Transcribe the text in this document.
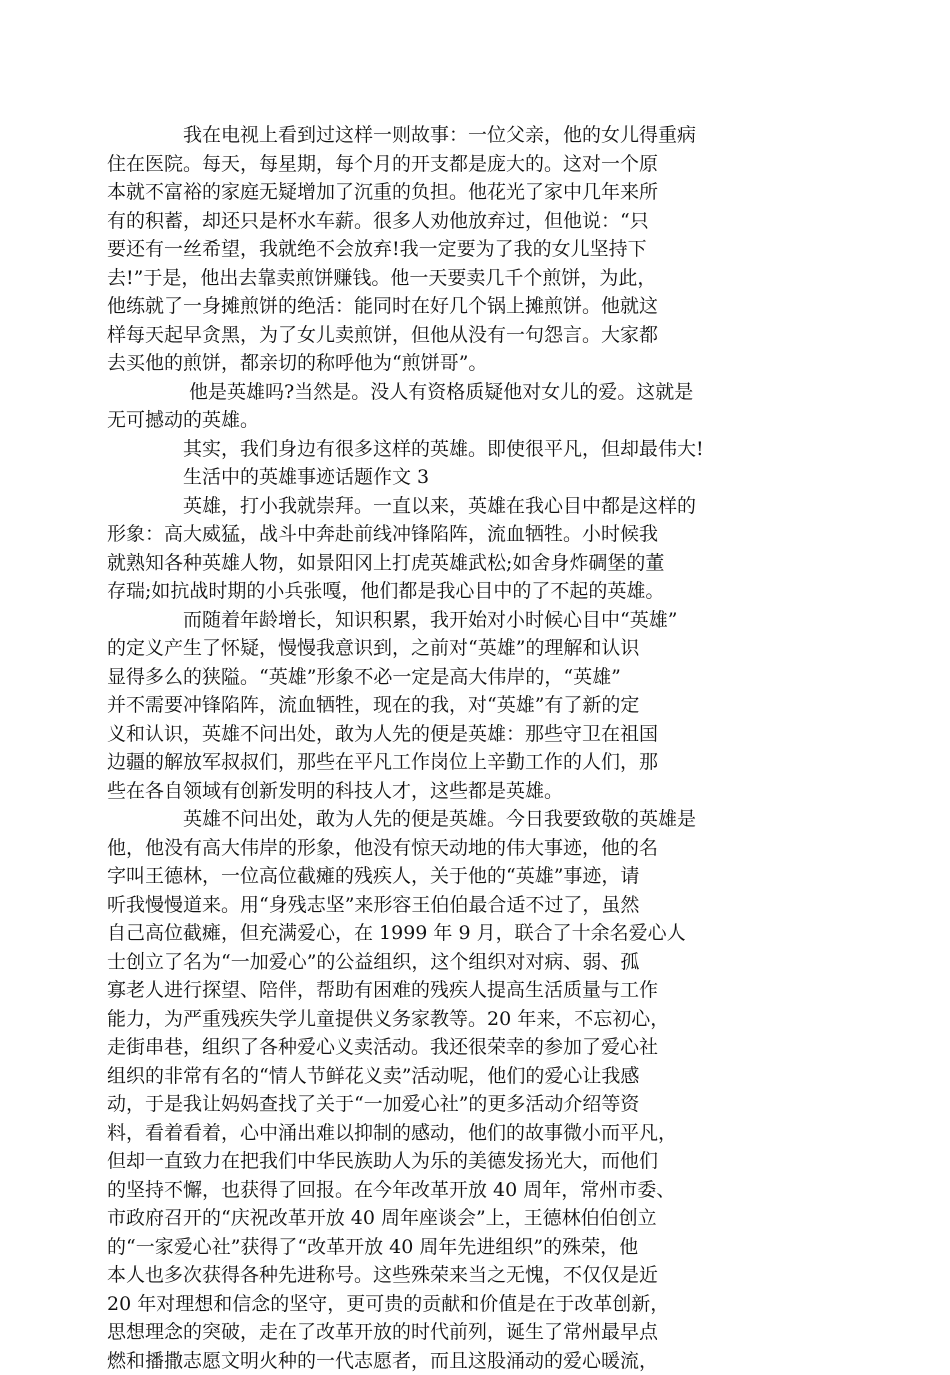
我在电视上看到过这样一则故事：一位父亲，他的女儿得重病
住在医院。每天，每星期，每个月的开支都是庞大的。这对一个原
本就不富裕的家庭无疑增加了沉重的负担。他花光了家中几年来所
有的积蓄，却还只是杯水车薪。很多人劝他放弃过，但他说：“只
要还有一丝希望，我就绝不会放弃!我一定要为了我的女儿坚持下
去!”于是，他出去靠卖煎饼赚钱。他一天要卖几千个煎饼，为此，
他练就了一身摊煎饼的绝活：能同时在好几个锅上摊煎饼。他就这
样每天起早贪黑，为了女儿卖煎饼，但他从没有一句怨言。大家都
去买他的煎饼，都亲切的称呼他为“煎饼哥”。
他是英雄吗?当然是。没人有资格质疑他对女儿的爱。这就是
无可撼动的英雄。
其实，我们身边有很多这样的英雄。即使很平凡，但却最伟大!
生活中的英雄事迹话题作文 3
英雄，打小我就崇拜。一直以来，英雄在我心目中都是这样的
形象：高大威猛，战斗中奔赴前线冲锋陷阵，流血牺牲。小时候我
就熟知各种英雄人物，如景阳冈上打虎英雄武松;如舍身炸碉堡的董
存瑞;如抗战时期的小兵张嘎，他们都是我心目中的了不起的英雄。
而随着年龄增长，知识积累，我开始对小时候心目中“英雄”
的定义产生了怀疑，慢慢我意识到，之前对“英雄”的理解和认识
显得多么的狭隘。“英雄”形象不必一定是高大伟岸的，“英雄”
并不需要冲锋陷阵，流血牺牲，现在的我，对“英雄”有了新的定
义和认识，英雄不问出处，敢为人先的便是英雄：那些守卫在祖国
边疆的解放军叔叔们，那些在平凡工作岗位上辛勤工作的人们，那
些在各自领域有创新发明的科技人才，这些都是英雄。
英雄不问出处，敢为人先的便是英雄。今日我要致敬的英雄是
他，他没有高大伟岸的形象，他没有惊天动地的伟大事迹，他的名
字叫王德林，一位高位截瘫的残疾人，关于他的“英雄”事迹，请
听我慢慢道来。用“身残志坚”来形容王伯伯最合适不过了，虽然
自己高位截瘫，但充满爱心，在 1999 年 9 月，联合了十余名爱心人
士创立了名为“一加爱心”的公益组织，这个组织对对病、弱、孤
寡老人进行探望、陪伴，帮助有困难的残疾人提高生活质量与工作
能力，为严重残疾失学儿童提供义务家教等。20 年来，不忘初心，
走街串巷，组织了各种爱心义卖活动。我还很荣幸的参加了爱心社
组织的非常有名的“情人节鲜花义卖”活动呢，他们的爱心让我感
动，于是我让妈妈查找了关于“一加爱心社”的更多活动介绍等资
料，看着看着，心中涌出难以抑制的感动，他们的故事微小而平凡，
但却一直致力在把我们中华民族助人为乐的美德发扬光大，而他们
的坚持不懈，也获得了回报。在今年改革开放 40 周年，常州市委、
市政府召开的“庆祝改革开放 40 周年座谈会”上，王德林伯伯创立
的“一家爱心社”获得了“改革开放 40 周年先进组织”的殊荣，他
本人也多次获得各种先进称号。这些殊荣来当之无愧，不仅仅是近
20 年对理想和信念的坚守，更可贵的贡献和价值是在于改革创新，
思想理念的突破，走在了改革开放的时代前列，诞生了常州最早点
燃和播撒志愿文明火种的一代志愿者，而且这股涌动的爱心暖流，
